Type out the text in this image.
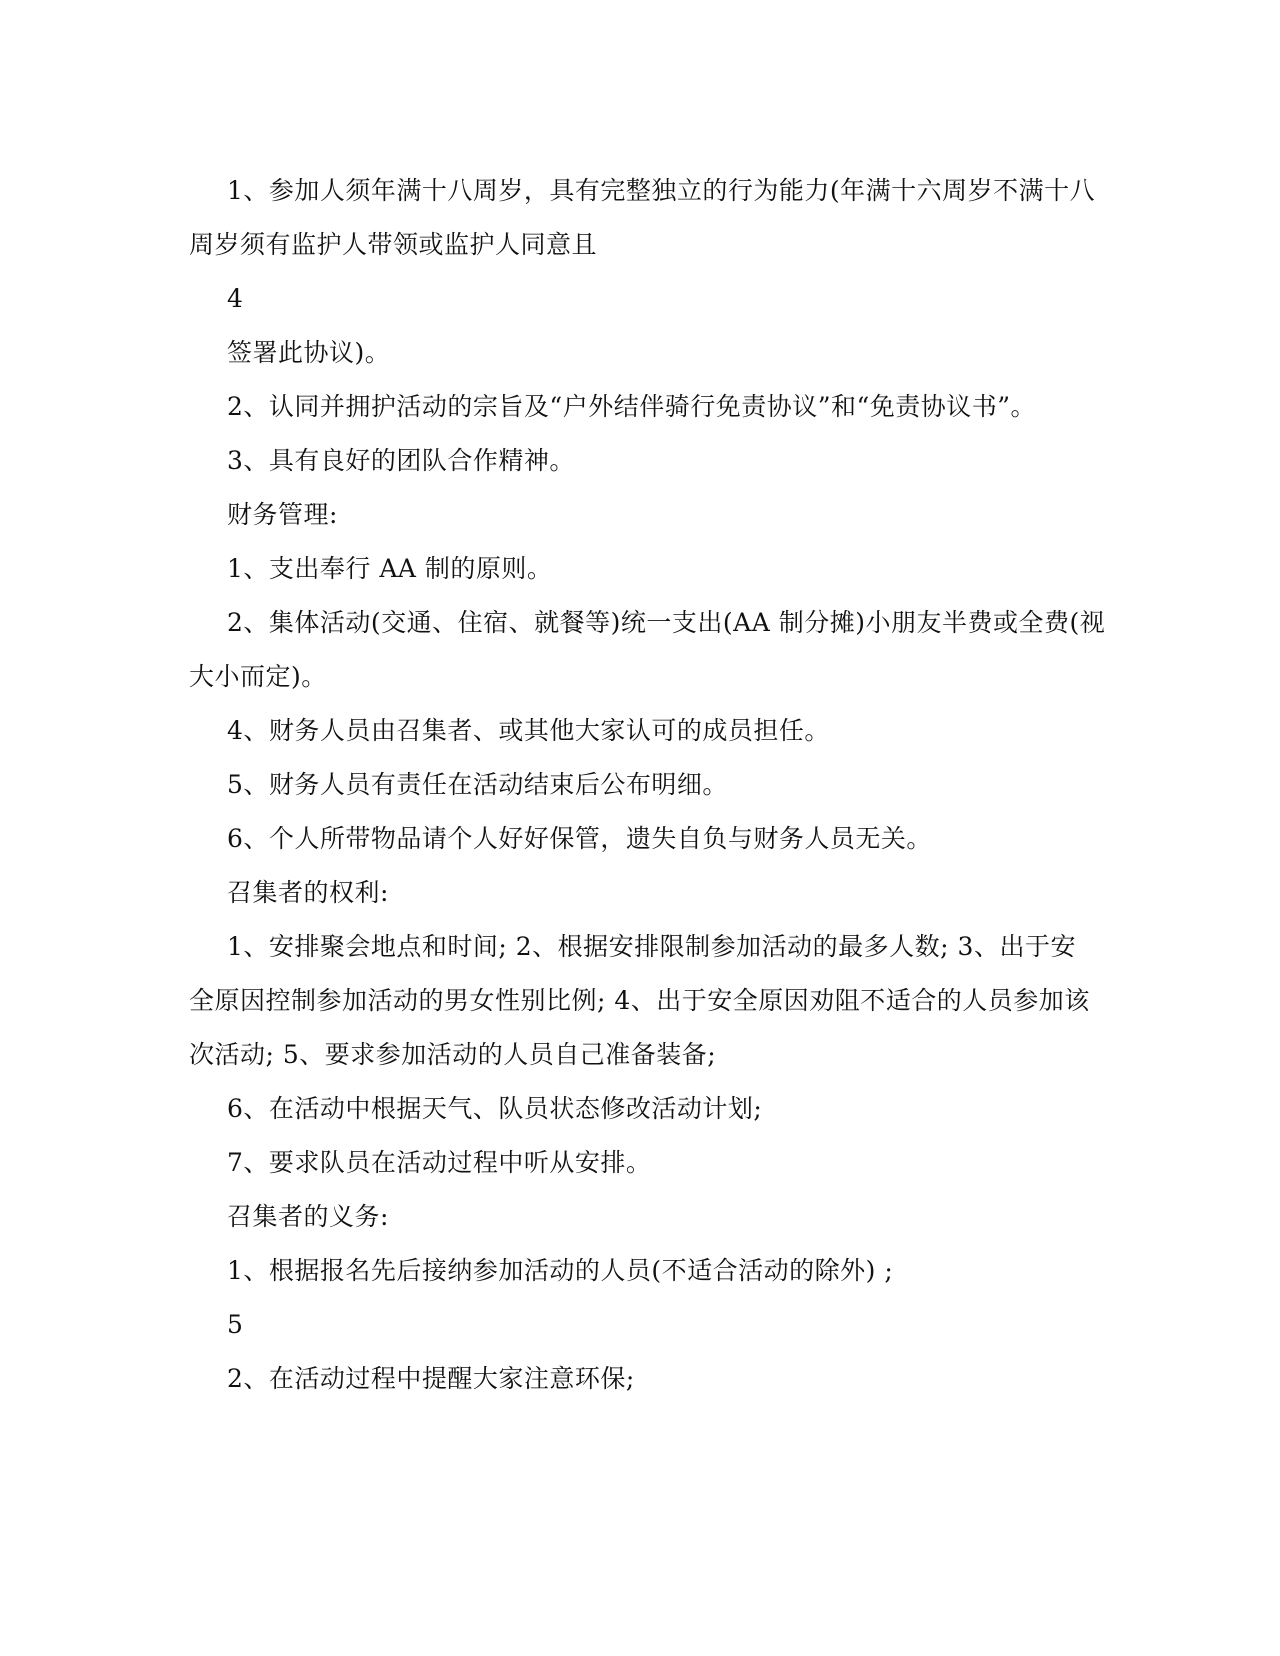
1、参加人须年满十八周岁，具有完整独立的行为能力(年满十六周岁不满十八
周岁须有监护人带领或监护人同意且
4
签署此协议)。
2、认同并拥护活动的宗旨及“户外结伴骑行免责协议”和“免责协议书”。
3、具有良好的团队合作精神。
财务管理:
1、支出奉行 AA 制的原则。
2、集体活动(交通、住宿、就餐等)统一支出(AA 制分摊)小朋友半费或全费(视
大小而定)。
4、财务人员由召集者、或其他大家认可的成员担任。
5、财务人员有责任在活动结束后公布明细。
6、个人所带物品请个人好好保管，遗失自负与财务人员无关。
召集者的权利:
1、安排聚会地点和时间; 2、根据安排限制参加活动的最多人数; 3、出于安
全原因控制参加活动的男女性别比例; 4、出于安全原因劝阻不适合的人员参加该
次活动; 5、要求参加活动的人员自己准备装备;
6、在活动中根据天气、队员状态修改活动计划;
7、要求队员在活动过程中听从安排。
召集者的义务:
1、根据报名先后接纳参加活动的人员(不适合活动的除外) ;
5
2、在活动过程中提醒大家注意环保;
